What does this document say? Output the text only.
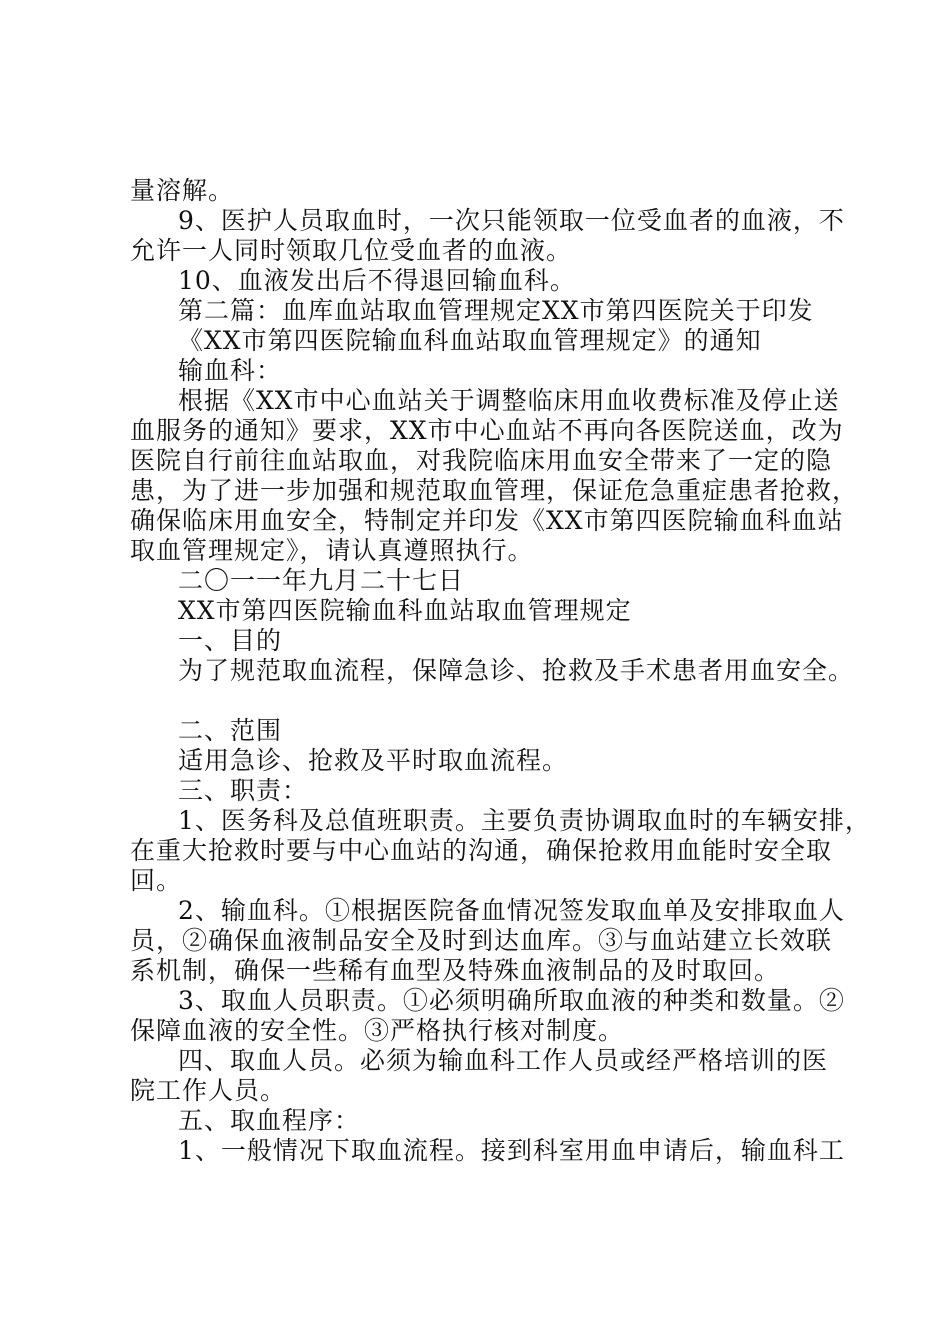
量溶解。

9、医护人员取血时，一次只能领取一位受血者的血液，不

允许一人同时领取几位受血者的血液。

10、血液发出后不得退回输血科。

第二篇：血库血站取血管理规定XX市第四医院关于印发

《XX市第四医院输血科血站取血管理规定》的通知

输血科：

根据《XX市中心血站关于调整临床用血收费标准及停止送

血服务的通知》要求，XX市中心血站不再向各医院送血，改为

医院自行前往血站取血，对我院临床用血安全带来了一定的隐

患，为了进一步加强和规范取血管理，保证危急重症患者抢救，

确保临床用血安全，特制定并印发《XX市第四医院输血科血站

取血管理规定》，请认真遵照执行。

二〇一一年九月二十七日

XX市第四医院输血科血站取血管理规定

一、目的

为了规范取血流程，保障急诊、抢救及手术患者用血安全。

二、范围

适用急诊、抢救及平时取血流程。

三、职责：

1、医务科及总值班职责。主要负责协调取血时的车辆安排，

在重大抢救时要与中心血站的沟通，确保抢救用血能时安全取

回。

2、输血科。①根据医院备血情况签发取血单及安排取血人

员，②确保血液制品安全及时到达血库。③与血站建立长效联

系机制，确保一些稀有血型及特殊血液制品的及时取回。

3、取血人员职责。①必须明确所取血液的种类和数量。②

保障血液的安全性。③严格执行核对制度。

四、取血人员。必须为输血科工作人员或经严格培训的医

院工作人员。

五、取血程序：

1、一般情况下取血流程。接到科室用血申请后，输血科工
